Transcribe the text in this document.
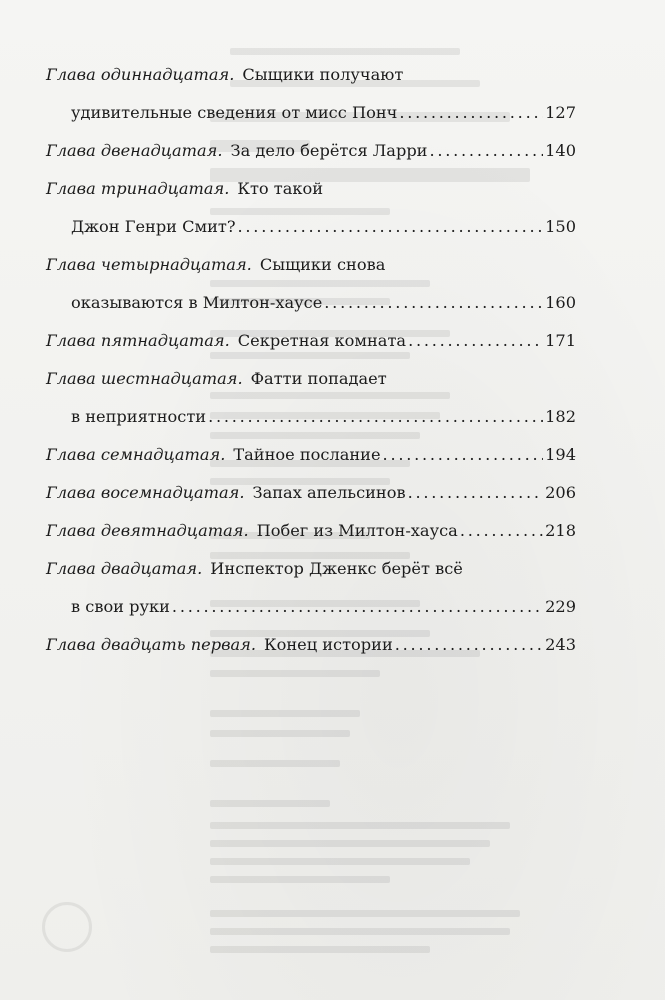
Глава одиннадцатая. Сыщики получают
удивительные сведения от мисс Понч . . .	127
Глава двенадцатая. За дело берётся Ларри . . .	140
Глава тринадцатая. Кто такой
Джон Генри Смит? . . .	150
Глава четырнадцатая. Сыщики снова
оказываются в Милтон-хаусе . . .	160
Глава пятнадцатая. Секретная комната . . .	171
Глава шестнадцатая. Фатти попадает
в неприятности . . .	182
Глава семнадцатая. Тайное послание . . .	194
Глава восемнадцатая. Запах апельсинов . . .	206
Глава девятнадцатая. Побег из Милтон-хауса . . .	218
Глава двадцатая. Инспектор Дженкс берёт всё
в свои руки . . .	229
Глава двадцать первая. Конец истории . . .	243
